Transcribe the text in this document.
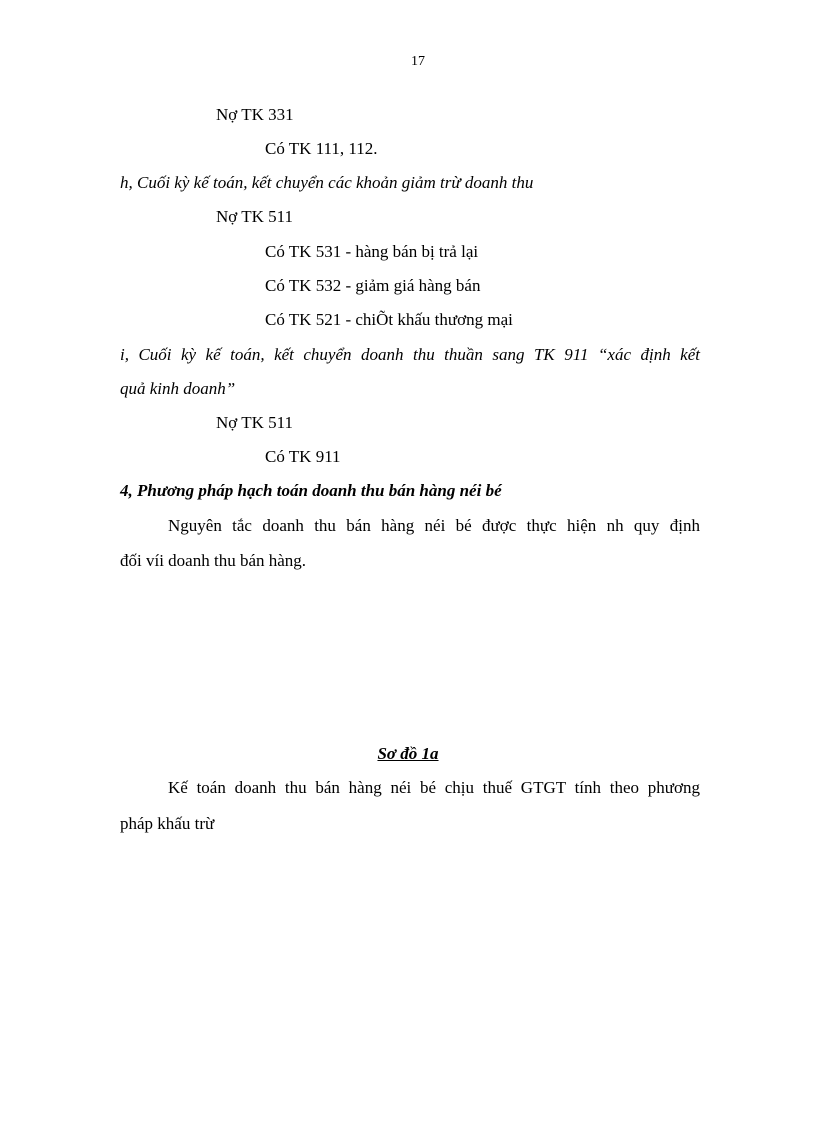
17
Nợ TK 331
Có TK 111, 112.
h, Cuối kỳ kế toán, kết chuyển các khoản giảm trừ doanh thu
Nợ TK 511
Có TK 531 - hàng bán bị trả lại
Có TK 532 - giảm giá hàng bán
Có TK 521 - chiÕt khấu thương mại
i, Cuối kỳ kế toán, kết chuyển doanh thu thuần sang TK 911 “xác định kết
quả kinh doanh”
Nợ TK 511
Có TK 911
4, Phương pháp hạch toán doanh thu bán hàng néi bé
Nguyên tắc doanh thu bán hàng néi bé được thực hiện nh quy định
đối víi doanh thu bán hàng.
Sơ đồ 1a
Kế toán doanh thu bán hàng néi bé chịu thuế GTGT tính theo phương
pháp khấu trừ
